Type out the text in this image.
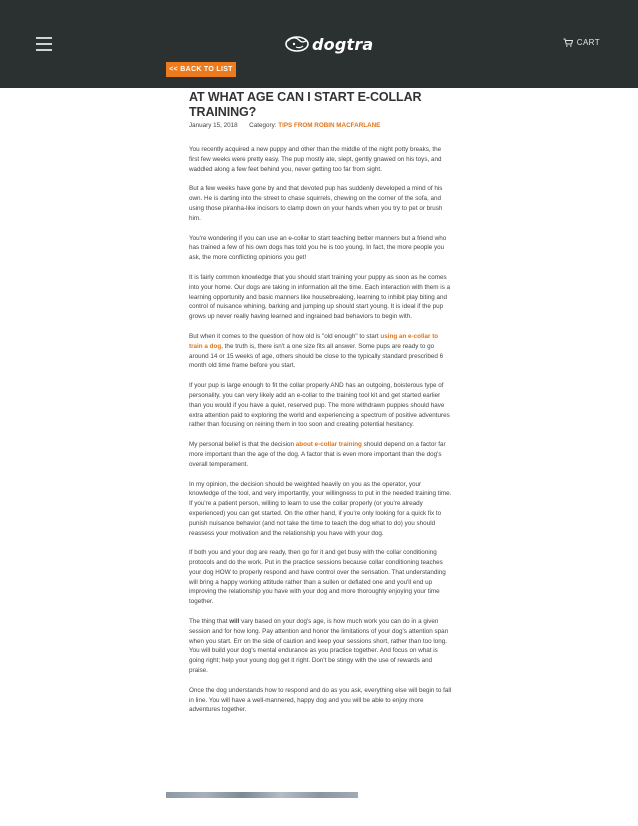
dogtra	CART
<< BACK TO LIST
AT WHAT AGE CAN I START E-COLLAR TRAINING?
January 15, 2018 Category: TIPS FROM ROBIN MACFARLANE

You recently acquired a new puppy and other than the middle of the night potty breaks, the first few weeks were pretty easy. The pup mostly ate, slept, gently gnawed on his toys, and waddled along a few feet behind you, never getting too far from sight.

But a few weeks have gone by and that devoted pup has suddenly developed a mind of his own. He is darting into the street to chase squirrels, chewing on the corner of the sofa, and using those piranha-like incisors to clamp down on your hands when you try to pet or brush him.

You're wondering if you can use an e-collar to start teaching better manners but a friend who has trained a few of his own dogs has told you he is too young. In fact, the more people you ask, the more conflicting opinions you get!

It is fairly common knowledge that you should start training your puppy as soon as he comes into your home. Our dogs are taking in information all the time. Each interaction with them is a learning opportunity and basic manners like housebreaking, learning to inhibit play biting and control of nuisance whining, barking and jumping up should start young. It is ideal if the pup grows up never really having learned and ingrained bad behaviors to begin with.

But when it comes to the question of how old is "old enough" to start using an e-collar to train a dog, the truth is, there isn't a one size fits all answer. Some pups are ready to go around 14 or 15 weeks of age, others should be close to the typically standard prescribed 6 month old time frame before you start.

If your pup is large enough to fit the collar properly AND has an outgoing, boisterous type of personality, you can very likely add an e-collar to the training tool kit and get started earlier than you would if you have a quiet, reserved pup. The more withdrawn puppies should have extra attention paid to exploring the world and experiencing a spectrum of positive adventures rather than focusing on reining them in too soon and creating potential hesitancy.

My personal belief is that the decision about e-collar training should depend on a factor far more important than the age of the dog. A factor that is even more important than the dog's overall temperament.

In my opinion, the decision should be weighted heavily on you as the operator, your knowledge of the tool, and very importantly, your willingness to put in the needed training time. If you're a patient person, willing to learn to use the collar properly (or you're already experienced) you can get started. On the other hand, if you're only looking for a quick fix to punish nuisance behavior (and not take the time to teach the dog what to do) you should reassess your motivation and the relationship you have with your dog.

If both you and your dog are ready, then go for it and get busy with the collar conditioning protocols and do the work. Put in the practice sessions because collar conditioning teaches your dog HOW to properly respond and have control over the sensation. That understanding will bring a happy working attitude rather than a sullen or deflated one and you'll end up improving the relationship you have with your dog and more thoroughly enjoying your time together.

The thing that will vary based on your dog's age, is how much work you can do in a given session and for how long. Pay attention and honor the limitations of your dog's attention span when you start. Err on the side of caution and keep your sessions short, rather than too long. You will build your dog's mental endurance as you practice together. And focus on what is going right; help your young dog get it right. Don't be stingy with the use of rewards and praise.

Once the dog understands how to respond and do as you ask, everything else will begin to fall in line. You will have a well-mannered, happy dog and you will be able to enjoy more adventures together.
